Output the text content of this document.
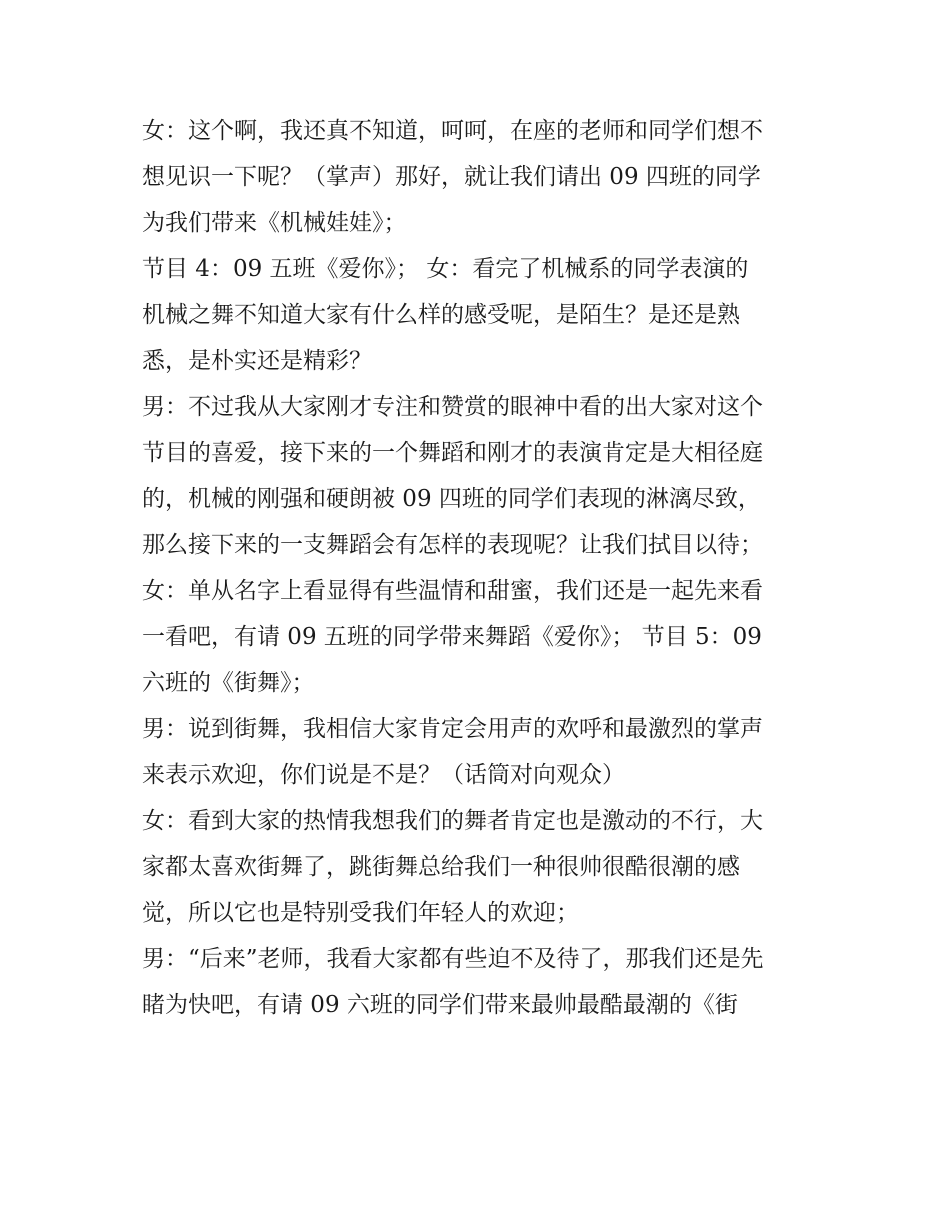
女：这个啊，我还真不知道，呵呵，在座的老师和同学们想不
想见识一下呢？（掌声）那好，就让我们请出 09 四班的同学
为我们带来《机械娃娃》；
节目 4：09 五班《爱你》； 女：看完了机械系的同学表演的
机械之舞不知道大家有什么样的感受呢，是陌生？是还是熟
悉，是朴实还是精彩？
男：不过我从大家刚才专注和赞赏的眼神中看的出大家对这个
节目的喜爱，接下来的一个舞蹈和刚才的表演肯定是大相径庭
的，机械的刚强和硬朗被 09 四班的同学们表现的淋漓尽致，
那么接下来的一支舞蹈会有怎样的表现呢？让我们拭目以待；
女：单从名字上看显得有些温情和甜蜜，我们还是一起先来看
一看吧，有请 09 五班的同学带来舞蹈《爱你》； 节目 5：09
六班的《街舞》；
男：说到街舞，我相信大家肯定会用声的欢呼和最激烈的掌声
来表示欢迎，你们说是不是？（话筒对向观众）
女：看到大家的热情我想我们的舞者肯定也是激动的不行，大
家都太喜欢街舞了，跳街舞总给我们一种很帅很酷很潮的感
觉，所以它也是特别受我们年轻人的欢迎；
男：“后来”老师，我看大家都有些迫不及待了，那我们还是先
睹为快吧，有请 09 六班的同学们带来最帅最酷最潮的《街
